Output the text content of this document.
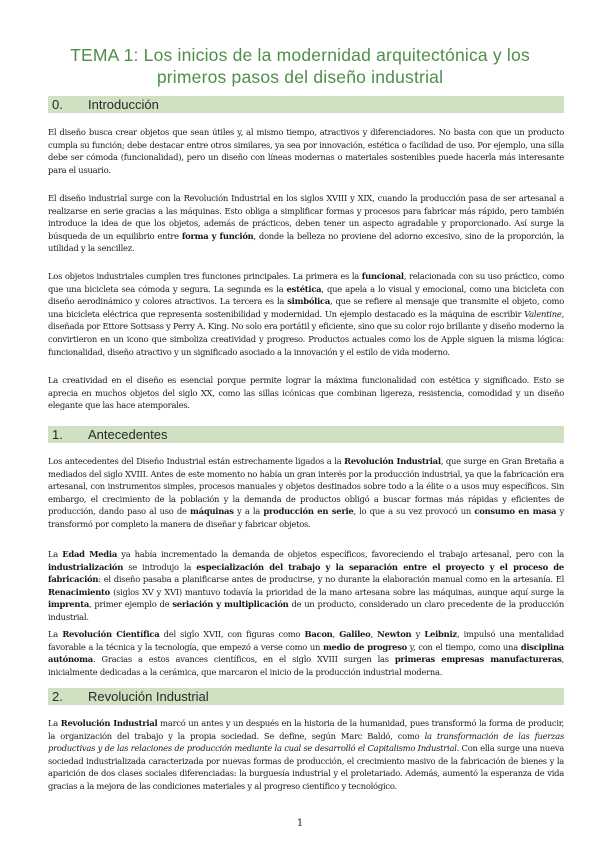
TEMA 1: Los inicios de la modernidad arquitectónica y los
primeros pasos del diseño industrial
0. Introducción

El diseño busca crear objetos que sean útiles y, al mismo tiempo, atractivos y diferenciadores. No basta con que un producto cumpla su función; debe destacar entre otros similares, ya sea por innovación, estética o facilidad de uso. Por ejemplo, una silla debe ser cómoda (funcionalidad), pero un diseño con líneas modernas o materiales sostenibles puede hacerla más interesante para el usuario.

El diseño industrial surge con la Revolución Industrial en los siglos XVIII y XIX, cuando la producción pasa de ser artesanal a realizarse en serie gracias a las máquinas. Esto obliga a simplificar formas y procesos para fabricar más rápido, pero también introduce la idea de que los objetos, además de prácticos, deben tener un aspecto agradable y proporcionado. Así surge la búsqueda de un equilibrio entre forma y función, donde la belleza no proviene del adorno excesivo, sino de la proporción, la utilidad y la sencillez.

Los objetos industriales cumplen tres funciones principales. La primera es la funcional, relacionada con su uso práctico, como que una bicicleta sea cómoda y segura. La segunda es la estética, que apela a lo visual y emocional, como una bicicleta con diseño aerodinámico y colores atractivos. La tercera es la simbólica, que se refiere al mensaje que transmite el objeto, como una bicicleta eléctrica que representa sostenibilidad y modernidad. Un ejemplo destacado es la máquina de escribir Valentine, diseñada por Ettore Sottsass y Perry A. King. No solo era portátil y eficiente, sino que su color rojo brillante y diseño moderno la convirtieron en un icono que simboliza creatividad y progreso. Productos actuales como los de Apple siguen la misma lógica: funcionalidad, diseño atractivo y un significado asociado a la innovación y el estilo de vida moderno.

La creatividad en el diseño es esencial porque permite lograr la máxima funcionalidad con estética y significado. Esto se aprecia en muchos objetos del siglo XX, como las sillas icónicas que combinan ligereza, resistencia, comodidad y un diseño elegante que las hace atemporales.

1. Antecedentes

Los antecedentes del Diseño Industrial están estrechamente ligados a la Revolución Industrial, que surge en Gran Bretaña a mediados del siglo XVIII. Antes de este momento no había un gran interés por la producción industrial, ya que la fabricación era artesanal, con instrumentos simples, procesos manuales y objetos destinados sobre todo a la élite o a usos muy específicos. Sin embargo, el crecimiento de la población y la demanda de productos obligó a buscar formas más rápidas y eficientes de producción, dando paso al uso de máquinas y a la producción en serie, lo que a su vez provocó un consumo en masa y transformó por completo la manera de diseñar y fabricar objetos.

La Edad Media ya había incrementado la demanda de objetos específicos, favoreciendo el trabajo artesanal, pero con la industrialización se introdujo la especialización del trabajo y la separación entre el proyecto y el proceso de fabricación: el diseño pasaba a planificarse antes de producirse, y no durante la elaboración manual como en la artesanía. El Renacimiento (siglos XV y XVI) mantuvo todavía la prioridad de la mano artesana sobre las máquinas, aunque aquí surge la imprenta, primer ejemplo de seriación y multiplicación de un producto, considerado un claro precedente de la producción industrial.

La Revolución Científica del siglo XVII, con figuras como Bacon, Galileo, Newton y Leibniz, impulsó una mentalidad favorable a la técnica y la tecnología, que empezó a verse como un medio de progreso y, con el tiempo, como una disciplina autónoma. Gracias a estos avances científicos, en el siglo XVIII surgen las primeras empresas manufactureras, inicialmente dedicadas a la cerámica, que marcaron el inicio de la producción industrial moderna.

2. Revolución Industrial

La Revolución Industrial marcó un antes y un después en la historia de la humanidad, pues transformó la forma de producir, la organización del trabajo y la propia sociedad. Se define, según Marc Baldó, como la transformación de las fuerzas productivas y de las relaciones de producción mediante la cual se desarrolló el Capitalismo Industrial. Con ella surge una nueva sociedad industrializada caracterizada por nuevas formas de producción, el crecimiento masivo de la fabricación de bienes y la aparición de dos clases sociales diferenciadas: la burguesía industrial y el proletariado. Además, aumentó la esperanza de vida gracias a la mejora de las condiciones materiales y al progreso científico y tecnológico.

1
